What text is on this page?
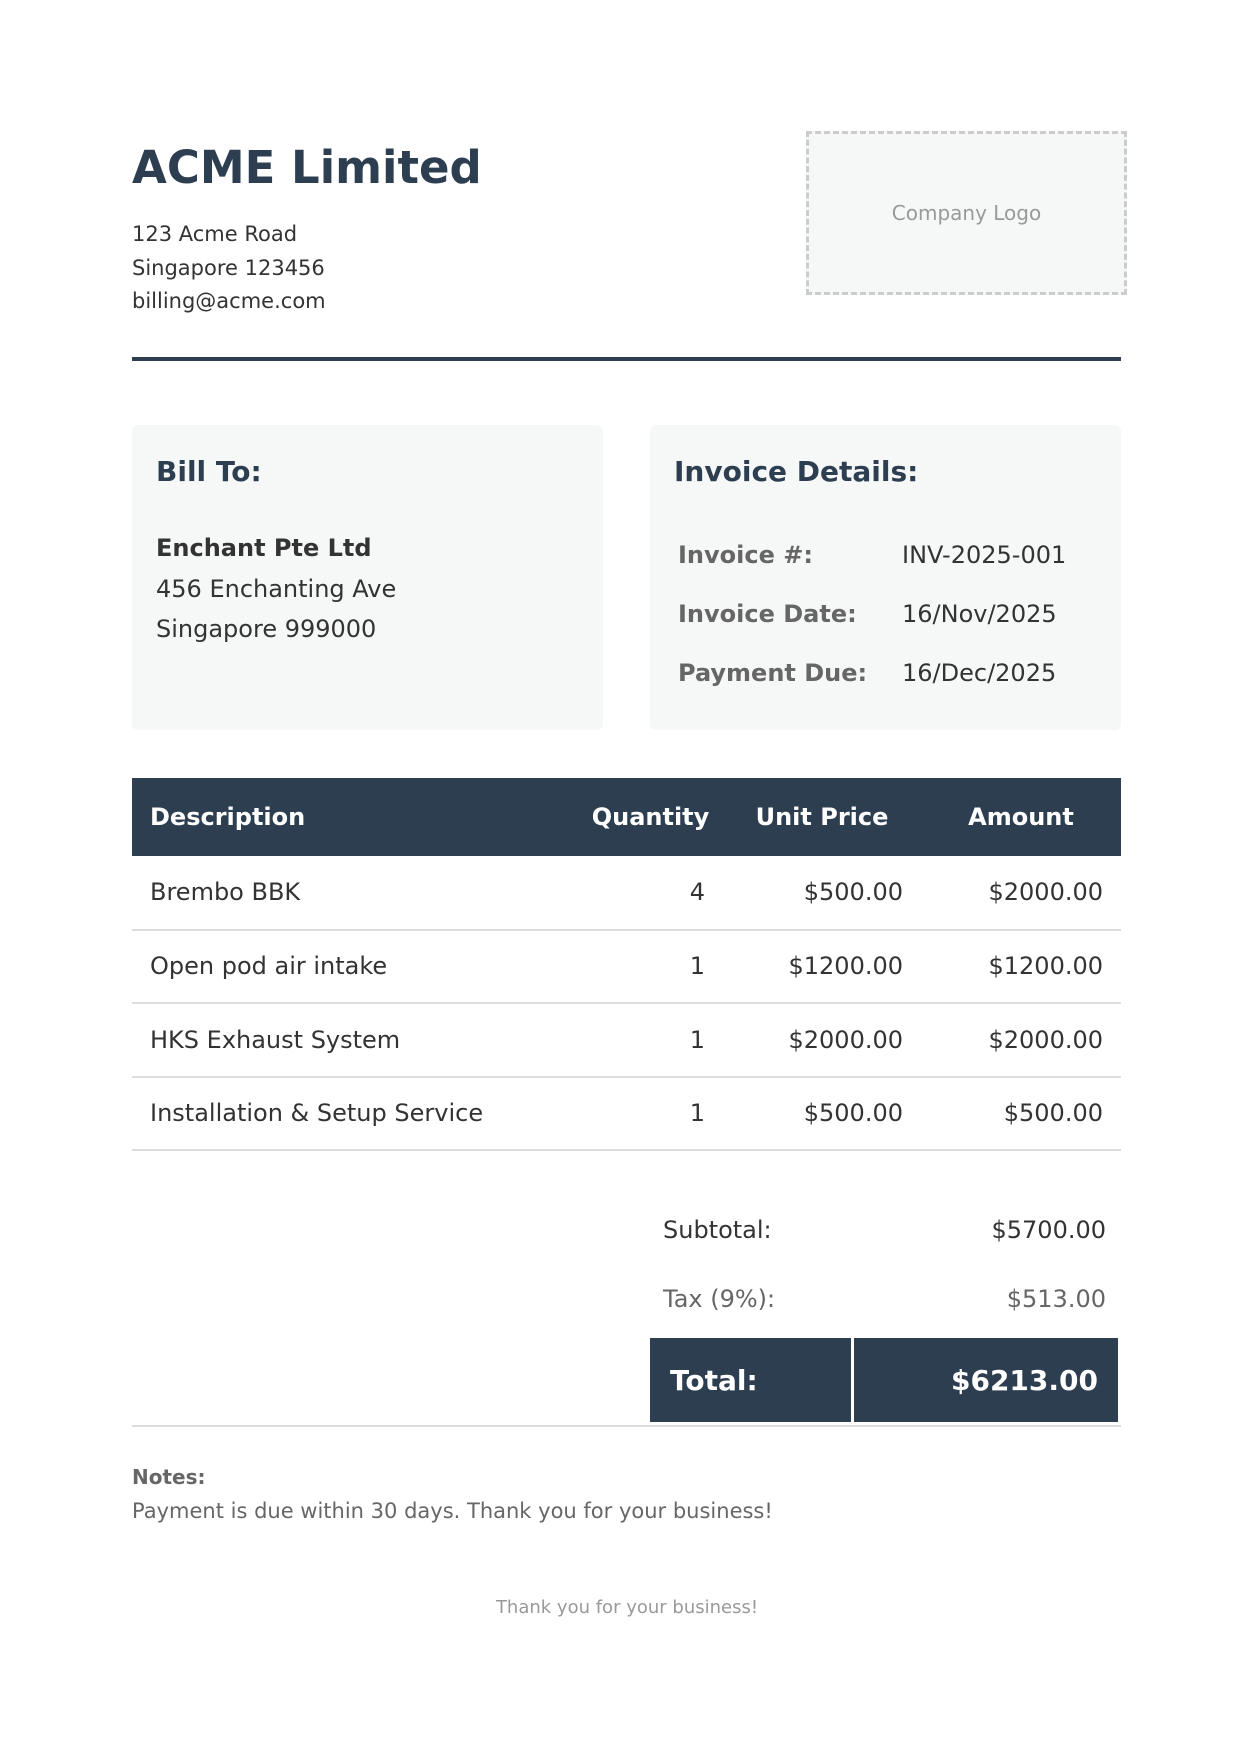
ACME Limited
123 Acme Road
Singapore 123456
billing@acme.com
Company Logo
Bill To:
Enchant Pte Ltd
456 Enchanting Ave
Singapore 999000
Invoice Details:
Invoice #:	INV-2025-001
Invoice Date: 16/Nov/2025
Payment Due: 16/Dec/2025
Description	Quantity	Unit Price	Amount
Brembo BBK	4	$500.00	$2000.00
Open pod air intake	1	$1200.00	$1200.00
HKS Exhaust System	1	$2000.00	$2000.00
Installation & Setup Service	1	$500.00	$500.00
Subtotal:	$5700.00
Tax (9%):	$513.00
Total:	$6213.00
Notes:
Payment is due within 30 days. Thank you for your business!
Thank you for your business!
